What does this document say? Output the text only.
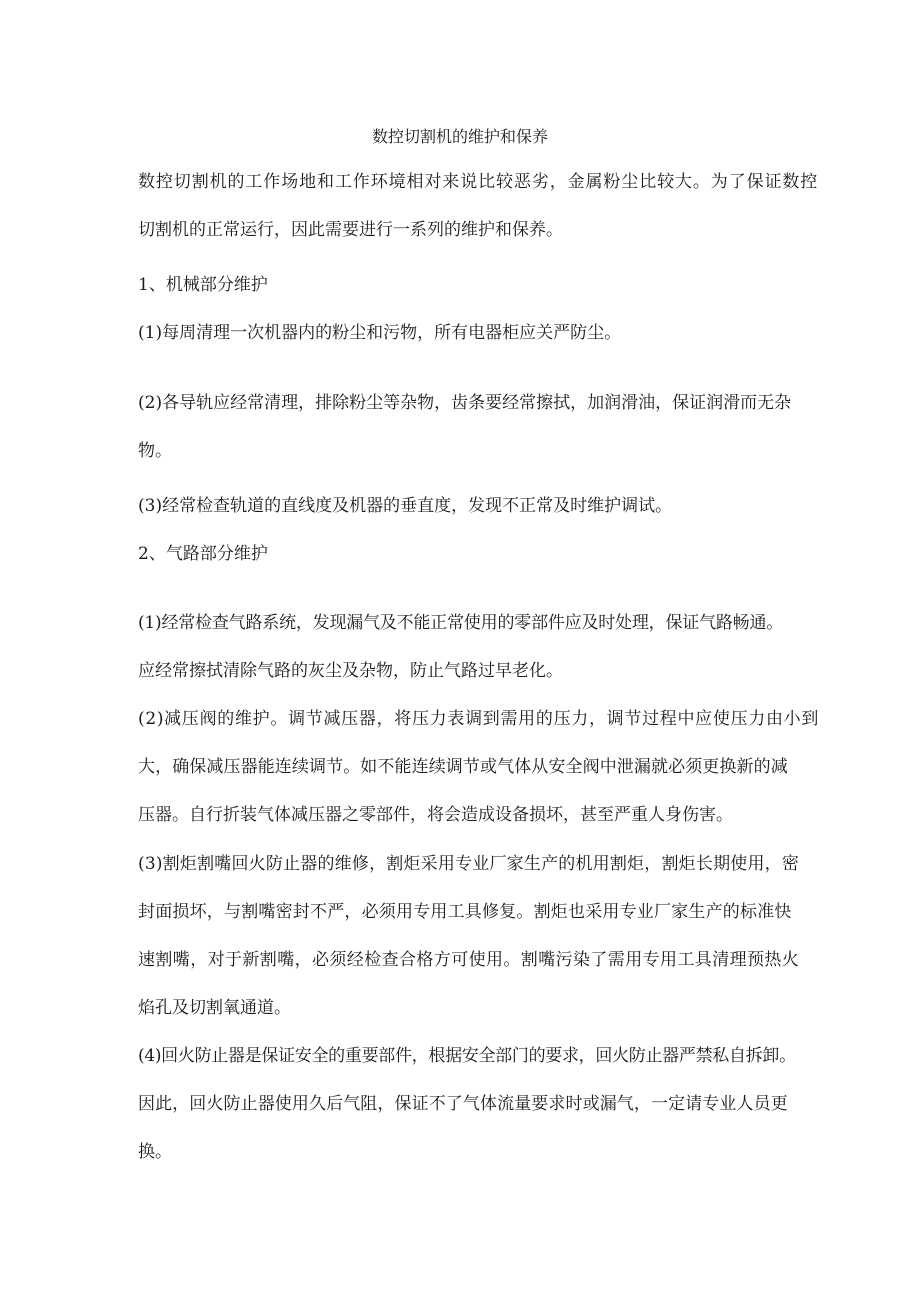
数控切割机的维护和保养
数控切割机的工作场地和工作环境相对来说比较恶劣，金属粉尘比较大。为了保证数控
切割机的正常运行，因此需要进行一系列的维护和保养。
1、机械部分维护
(1)每周清理一次机器内的粉尘和污物，所有电器柜应关严防尘。
(2)各导轨应经常清理，排除粉尘等杂物，齿条要经常擦拭，加润滑油，保证润滑而无杂
物。
(3)经常检查轨道的直线度及机器的垂直度，发现不正常及时维护调试。
2、气路部分维护
(1)经常检查气路系统，发现漏气及不能正常使用的零部件应及时处理，保证气路畅通。
应经常擦拭清除气路的灰尘及杂物，防止气路过早老化。
(2)减压阀的维护。调节减压器，将压力表调到需用的压力，调节过程中应使压力由小到
大，确保减压器能连续调节。如不能连续调节或气体从安全阀中泄漏就必须更换新的减
压器。自行折装气体减压器之零部件，将会造成设备损坏，甚至严重人身伤害。
(3)割炬割嘴回火防止器的维修，割炬采用专业厂家生产的机用割炬，割炬长期使用，密
封面损坏，与割嘴密封不严，必须用专用工具修复。割炬也采用专业厂家生产的标准快
速割嘴，对于新割嘴，必须经检查合格方可使用。割嘴污染了需用专用工具清理预热火
焰孔及切割氧通道。
(4)回火防止器是保证安全的重要部件，根据安全部门的要求，回火防止器严禁私自拆卸。
因此，回火防止器使用久后气阻，保证不了气体流量要求时或漏气，一定请专业人员更
换。
